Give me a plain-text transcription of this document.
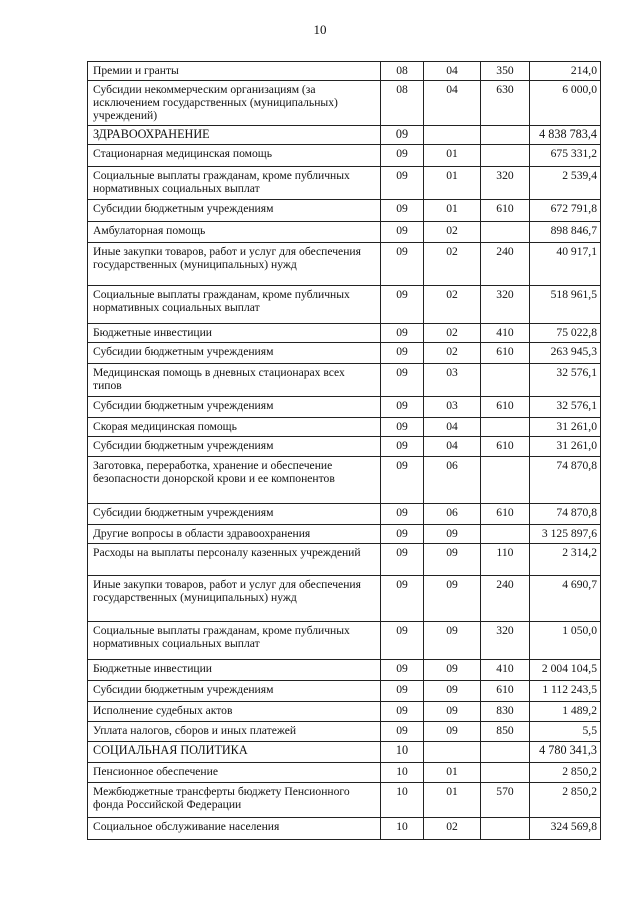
10
Премии и гранты	08	04	350	214,0
Субсидии некоммерческим организациям (за исключением государственных (муниципальных) учреждений)	08	04	630	6 000,0
ЗДРАВООХРАНЕНИЕ	09			4 838 783,4
Стационарная медицинская помощь	09	01		675 331,2
Социальные выплаты гражданам, кроме публичных нормативных социальных выплат	09	01	320	2 539,4
Субсидии бюджетным учреждениям	09	01	610	672 791,8
Амбулаторная помощь	09	02		898 846,7
Иные закупки товаров, работ и услуг для обеспечения государственных (муниципальных) нужд	09	02	240	40 917,1
Социальные выплаты гражданам, кроме публичных нормативных социальных выплат	09	02	320	518 961,5
Бюджетные инвестиции	09	02	410	75 022,8
Субсидии бюджетным учреждениям	09	02	610	263 945,3
Медицинская помощь в дневных стационарах всех типов	09	03		32 576,1
Субсидии бюджетным учреждениям	09	03	610	32 576,1
Скорая медицинская помощь	09	04		31 261,0
Субсидии бюджетным учреждениям	09	04	610	31 261,0
Заготовка, переработка, хранение и обеспечение безопасности донорской крови и ее компонентов	09	06		74 870,8
Субсидии бюджетным учреждениям	09	06	610	74 870,8
Другие вопросы в области здравоохранения	09	09		3 125 897,6
Расходы на выплаты персоналу казенных учреждений	09	09	110	2 314,2
Иные закупки товаров, работ и услуг для обеспечения государственных (муниципальных) нужд	09	09	240	4 690,7
Социальные выплаты гражданам, кроме публичных нормативных социальных выплат	09	09	320	1 050,0
Бюджетные инвестиции	09	09	410	2 004 104,5
Субсидии бюджетным учреждениям	09	09	610	1 112 243,5
Исполнение судебных актов	09	09	830	1 489,2
Уплата налогов, сборов и иных платежей	09	09	850	5,5
СОЦИАЛЬНАЯ ПОЛИТИКА	10			4 780 341,3
Пенсионное обеспечение	10	01		2 850,2
Межбюджетные трансферты бюджету Пенсионного фонда Российской Федерации	10	01	570	2 850,2
Социальное обслуживание населения	10	02		324 569,8
